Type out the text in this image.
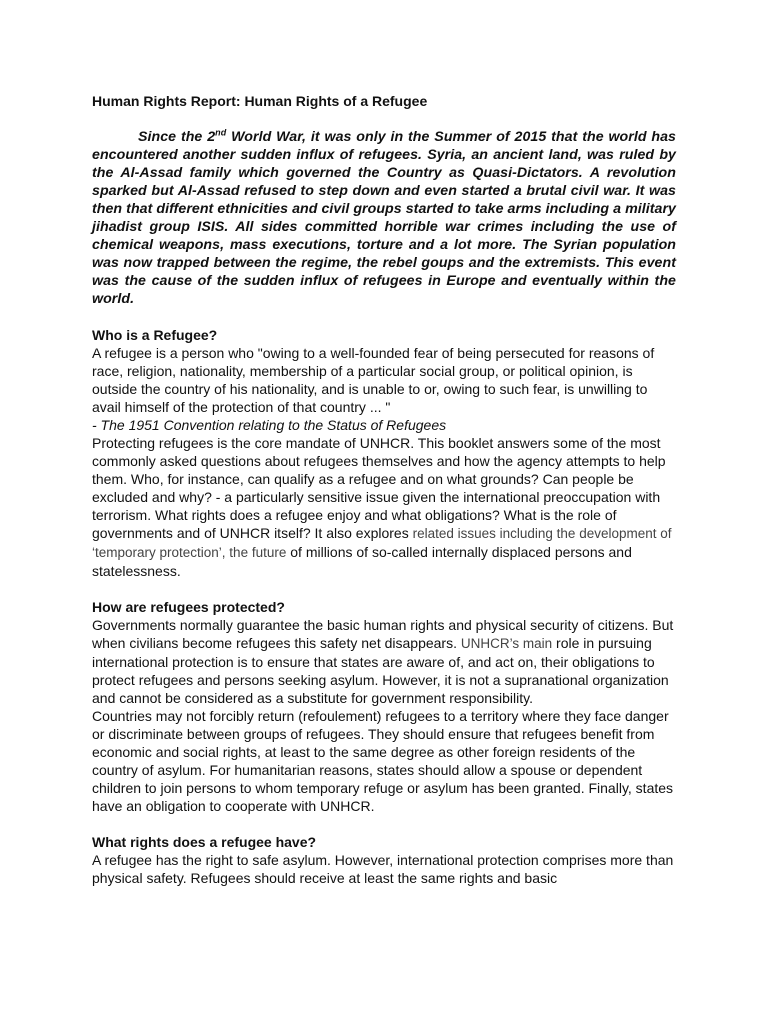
Human Rights Report: Human Rights of a Refugee

Since the 2nd World War, it was only in the Summer of 2015 that the world has encountered another sudden influx of refugees. Syria, an ancient land, was ruled by the Al-Assad family which governed the Country as Quasi-Dictators. A revolution sparked but Al-Assad refused to step down and even started a brutal civil war. It was then that different ethnicities and civil groups started to take arms including a military jihadist group ISIS. All sides committed horrible war crimes including the use of chemical weapons, mass executions, torture and a lot more. The Syrian population was now trapped between the regime, the rebel goups and the extremists. This event was the cause of the sudden influx of refugees in Europe and eventually within the world.

Who is a Refugee?

A refugee is a person who "owing to a well-founded fear of being persecuted for reasons of race, religion, nationality, membership of a particular social group, or political opinion, is outside the country of his nationality, and is unable to or, owing to such fear, is unwilling to avail himself of the protection of that country ... "

- The 1951 Convention relating to the Status of Refugees

Protecting refugees is the core mandate of UNHCR. This booklet answers some of the most commonly asked questions about refugees themselves and how the agency attempts to help them. Who, for instance, can qualify as a refugee and on what grounds? Can people be excluded and why? - a particularly sensitive issue given the international preoccupation with terrorism. What rights does a refugee enjoy and what obligations? What is the role of governments and of UNHCR itself? It also explores related issues including the development of ‘temporary protection’, the future of millions of so-called internally displaced persons and statelessness.

How are refugees protected?

Governments normally guarantee the basic human rights and physical security of citizens. But when civilians become refugees this safety net disappears. UNHCR’s main role in pursuing international protection is to ensure that states are aware of, and act on, their obligations to protect refugees and persons seeking asylum. However, it is not a supranational organization and cannot be considered as a substitute for government responsibility.

Countries may not forcibly return (refoulement) refugees to a territory where they face danger or discriminate between groups of refugees. They should ensure that refugees benefit from economic and social rights, at least to the same degree as other foreign residents of the country of asylum. For humanitarian reasons, states should allow a spouse or dependent children to join persons to whom temporary refuge or asylum has been granted. Finally, states have an obligation to cooperate with UNHCR.

What rights does a refugee have?

A refugee has the right to safe asylum. However, international protection comprises more than physical safety. Refugees should receive at least the same rights and basic
